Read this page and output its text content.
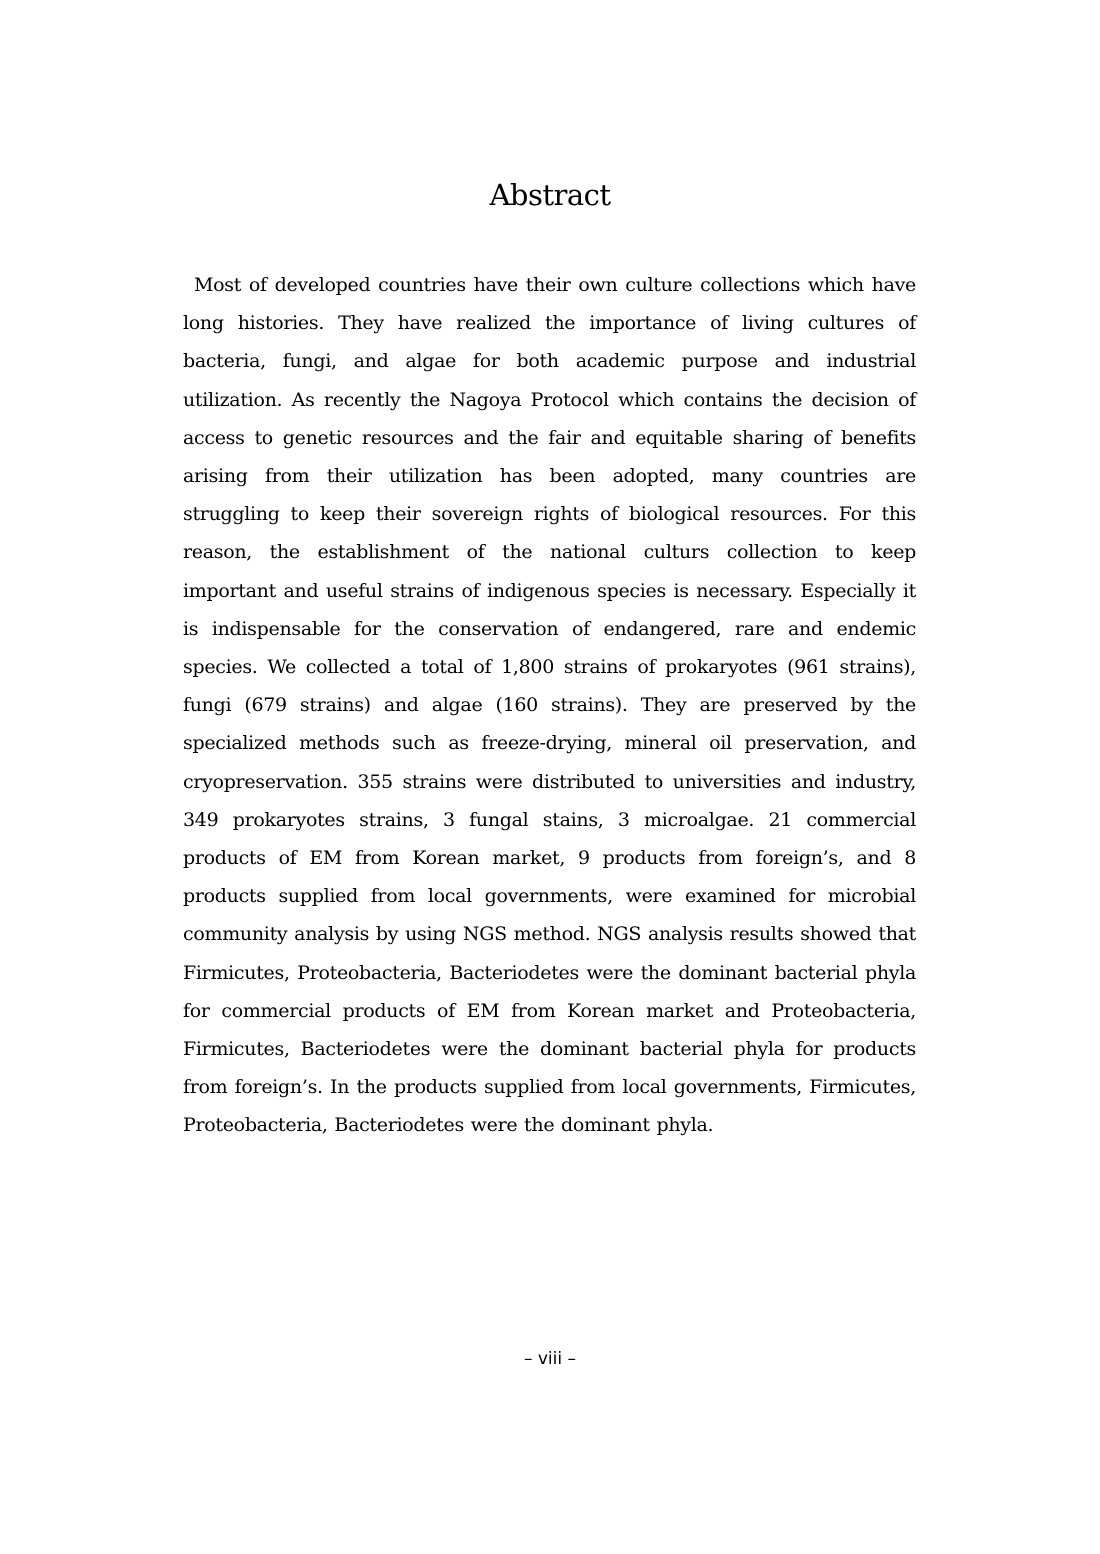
Abstract

Most of developed countries have their own culture collections which have long histories. They have realized the importance of living cultures of bacteria, fungi, and algae for both academic purpose and industrial utilization. As recently the Nagoya Protocol which contains the decision of access to genetic resources and the fair and equitable sharing of benefits arising from their utilization has been adopted, many countries are struggling to keep their sovereign rights of biological resources. For this reason, the establishment of the national culturs collection to keep important and useful strains of indigenous species is necessary. Especially it is indispensable for the conservation of endangered, rare and endemic species. We collected a total of 1,800 strains of prokaryotes (961 strains), fungi (679 strains) and algae (160 strains). They are preserved by the specialized methods such as freeze-drying, mineral oil preservation, and cryopreservation. 355 strains were distributed to universities and industry, 349 prokaryotes strains, 3 fungal stains, 3 microalgae. 21 commercial products of EM from Korean market, 9 products from foreign’s, and 8 products supplied from local governments, were examined for microbial community analysis by using NGS method. NGS analysis results showed that Firmicutes, Proteobacteria, Bacteriodetes were the dominant bacterial phyla for commercial products of EM from Korean market and Proteobacteria, Firmicutes, Bacteriodetes were the dominant bacterial phyla for products from foreign’s. In the products supplied from local governments, Firmicutes, Proteobacteria, Bacteriodetes were the dominant phyla.

– viii –
